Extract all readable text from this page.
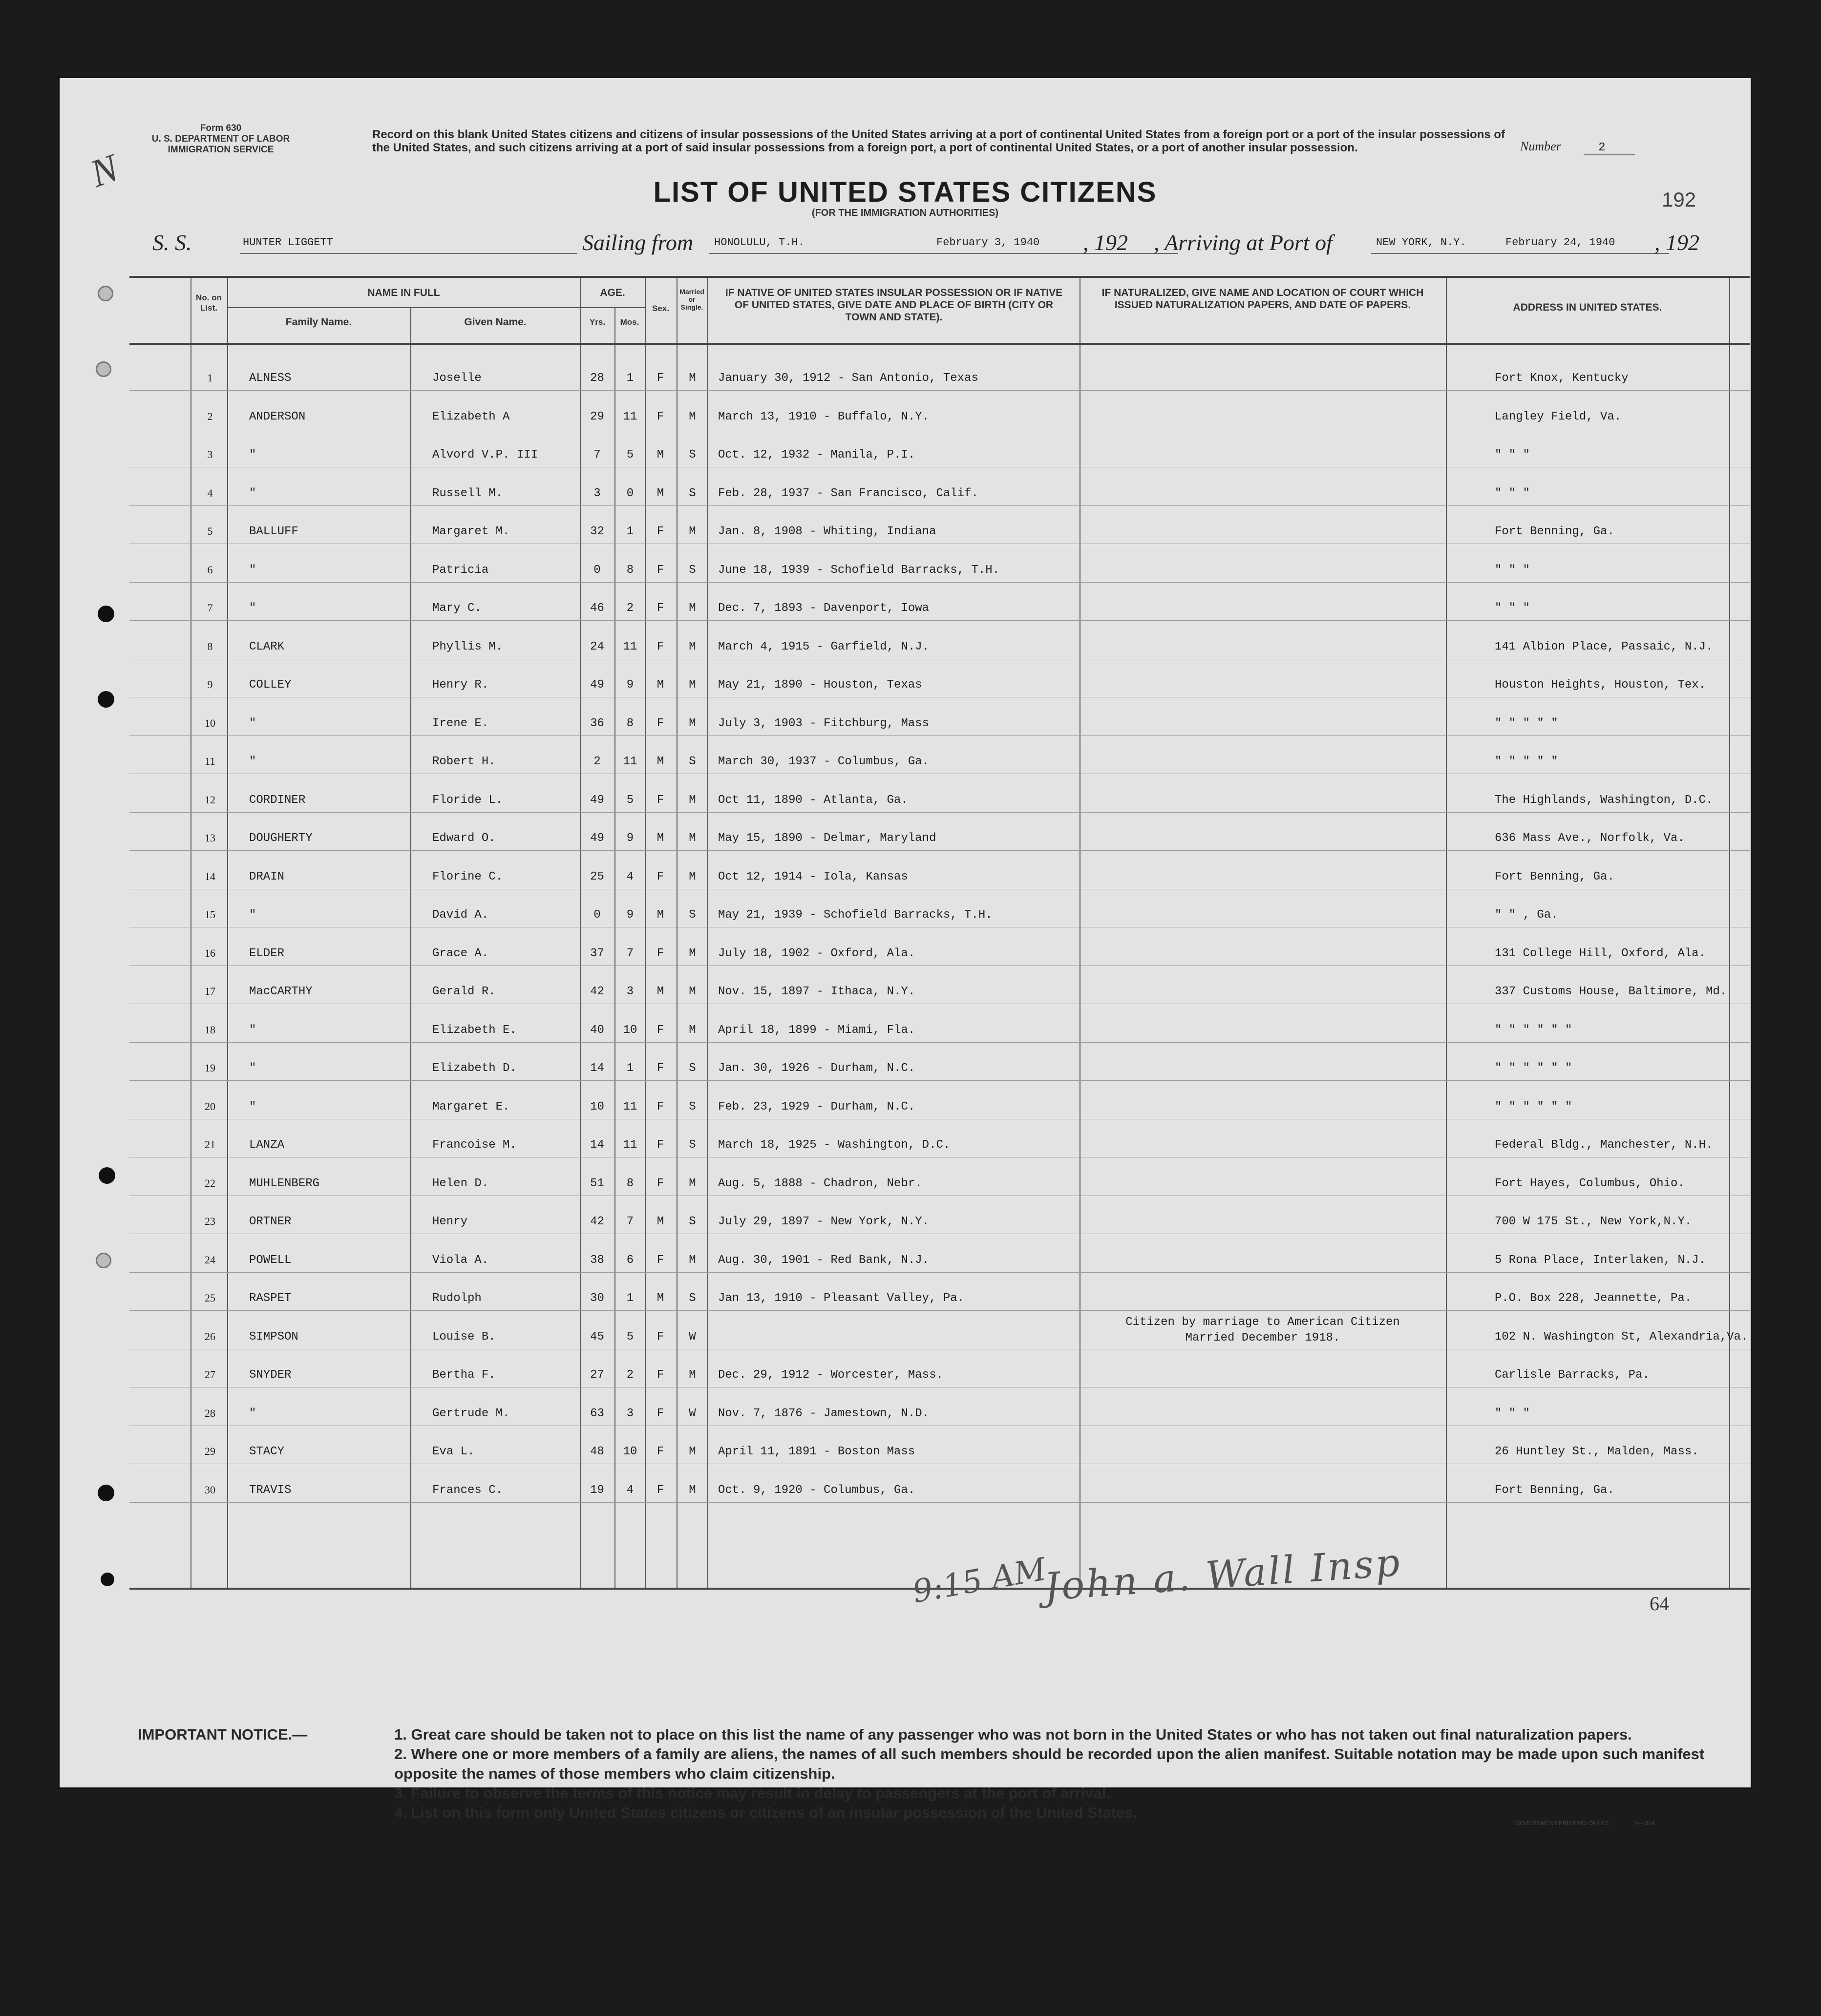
N
Form 630
U. S. DEPARTMENT OF LABOR
IMMIGRATION SERVICE
Record on this blank United States citizens and citizens of insular possessions of the United States arriving at a port of continental United States from a foreign port or a port of the insular possessions of the United States, and such citizens arriving at a port of said insular possessions from a foreign port, a port of continental United States, or a port of another insular possession.	Number	2
LIST OF UNITED STATES CITIZENS
(FOR THE IMMIGRATION AUTHORITIES)
192
S. S.	HUNTER LIGGETT	Sailing from HONOLULU, T.H.	February 3, 1940 , 192 , Arriving at Port of	NEW YORK, N.Y.	February 24, 1940 , 192
No. on List.
NAME IN FULL
Family Name.	Given Name.
AGE.
Yrs.	Mos.
Sex.
Married or Single.
IF NATIVE OF UNITED STATES INSULAR POSSESSION OR IF NATIVE OF UNITED STATES, GIVE DATE AND PLACE OF BIRTH (CITY OR TOWN AND STATE).
IF NATURALIZED, GIVE NAME AND LOCATION OF COURT WHICH ISSUED NATURALIZATION PAPERS, AND DATE OF PAPERS.	ADDRESS IN UNITED STATES.
1	ALNESS	Joselle	28	1	F	M	January 30, 1912 - San Antonio, Texas	Fort Knox, Kentucky
2	ANDERSON	Elizabeth A	29	11	F	M	March 13, 1910 - Buffalo, N.Y.	Langley Field, Va.
3	"	Alvord V.P. III	7	5	M	S	Oct. 12, 1932 - Manila, P.I.	" " "
4	"	Russell M.	3	0	M	S	Feb. 28, 1937 - San Francisco, Calif.	" " "
5	BALLUFF	Margaret M.	32	1	F	M	Jan. 8, 1908 - Whiting, Indiana	Fort Benning, Ga.
6	"	Patricia	0	8	F	S	June 18, 1939 - Schofield Barracks, T.H.	" " "
7	"	Mary C.	46	2	F	M	Dec. 7, 1893 - Davenport, Iowa	" " "
8	CLARK	Phyllis M.	24	11	F	M	March 4, 1915 - Garfield, N.J.	141 Albion Place, Passaic, N.J.
9	COLLEY	Henry R.	49	9	M	M	May 21, 1890 - Houston, Texas	Houston Heights, Houston, Tex.
10	"	Irene E.	36	8	F	M	July 3, 1903 - Fitchburg, Mass	" " " " "
11	"	Robert H.	2	11	M	S	March 30, 1937 - Columbus, Ga.	" " " " "
12	CORDINER	Floride L.	49	5	F	M	Oct 11, 1890 - Atlanta, Ga.	The Highlands, Washington, D.C.
13	DOUGHERTY	Edward O.	49	9	M	M	May 15, 1890 - Delmar, Maryland	636 Mass Ave., Norfolk, Va.
14	DRAIN	Florine C.	25	4	F	M	Oct 12, 1914 - Iola, Kansas	Fort Benning, Ga.
15	"	David A.	0	9	M	S	May 21, 1939 - Schofield Barracks, T.H.	" " , Ga.
16	ELDER	Grace A.	37	7	F	M	July 18, 1902 - Oxford, Ala.	131 College Hill, Oxford, Ala.
17	MacCARTHY	Gerald R.	42	3	M	M	Nov. 15, 1897 - Ithaca, N.Y.	337 Customs House, Baltimore, Md.
18	"	Elizabeth E.	40	10	F	M	April 18, 1899 - Miami, Fla.	" " " " " "
19	"	Elizabeth D.	14	1	F	S	Jan. 30, 1926 - Durham, N.C.	" " " " " "
20	"	Margaret E.	10	11	F	S	Feb. 23, 1929 - Durham, N.C.	" " " " " "
21	LANZA	Francoise M.	14	11	F	S	March 18, 1925 - Washington, D.C.	Federal Bldg., Manchester, N.H.
22	MUHLENBERG	Helen D.	51	8	F	M	Aug. 5, 1888 - Chadron, Nebr.	Fort Hayes, Columbus, Ohio.
23	ORTNER	Henry	42	7	M	S	July 29, 1897 - New York, N.Y.	700 W 175 St., New York,N.Y.
24	POWELL	Viola A.	38	6	F	M	Aug. 30, 1901 - Red Bank, N.J.	5 Rona Place, Interlaken, N.J.
25	RASPET	Rudolph	30	1	M	S	Jan 13, 1910 - Pleasant Valley, Pa.	P.O. Box 228, Jeannette, Pa.
26	SIMPSON	Louise B.	45	5	F	W	102 N. Washington St, Alexandria,Va.
Citizen by marriage to American Citizen
Married December 1918.
27	SNYDER	Bertha F.	27	2	F	M	Dec. 29, 1912 - Worcester, Mass.	Carlisle Barracks, Pa.
28	"	Gertrude M.	63	3	F	W	Nov. 7, 1876 - Jamestown, N.D.	" " "
29	STACY	Eva L.	48	10	F	M	April 11, 1891 - Boston Mass	26 Huntley St., Malden, Mass.
30	TRAVIS	Frances C.	19	4	F	M	Oct. 9, 1920 - Columbus, Ga.	Fort Benning, Ga.
9:15 AM
John a. Wall Insp	64
IMPORTANT NOTICE.—	1. Great care should be taken not to place on this list the name of any passenger who was not born in the United States or who has not taken out final naturalization papers.
2. Where one or more members of a family are aliens, the names of all such members should be recorded upon the alien manifest. Suitable notation may be made upon such manifest opposite the names of those members who claim citizenship.
3. Failure to observe the terms of this notice may result in delay to passengers at the port of arrival.
4. List on this form only United States citizens or citizens of an insular possession of the United States.
GOVERNMENT PRINTING OFFICE	14—314
